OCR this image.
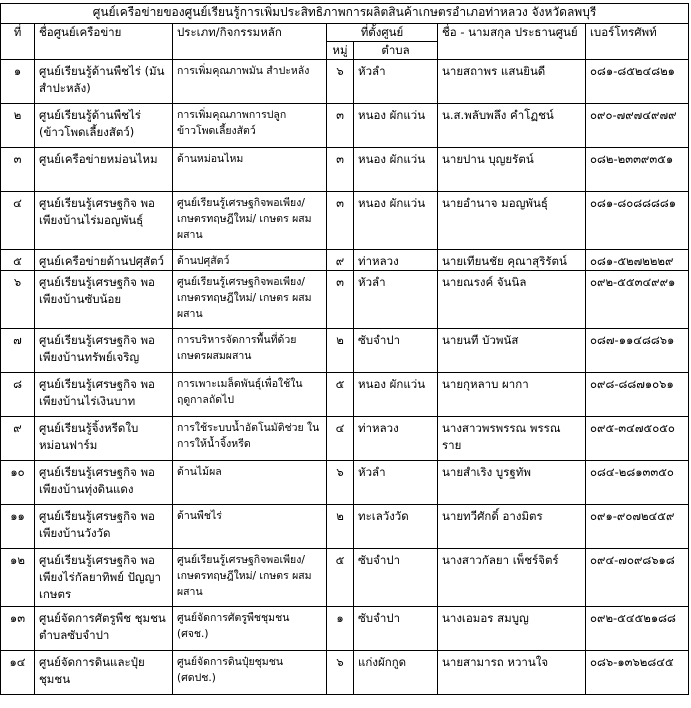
ศูนย์เครือข่ายของศูนย์เรียนรู้การเพิ่มประสิทธิภาพการผลิตสินค้าเกษตรอำเภอท่าหลวง จังหวัดลพบุรี						
ที่	ชื่อศูนย์เครือข่าย	ประเภท/กิจกรรมหลัก	ที่ตั้งศูนย์		ชื่อ - นามสกุล ประธานศูนย์	เบอร์โทรศัพท์
			หมู่	ตำบล		
๑	ศูนย์เรียนรู้ด้านพืชไร่ (มันสำปะหลัง)	การเพิ่มคุณภาพมัน สำปะหลัง	๖	หัวลำ	นายสถาพร แสนยินดี	๐๘๑-๘๕๒๔๘๒๑
๒	ศูนย์เรียนรู้ด้านพืชไร่ (ข้าวโพดเลี้ยงสัตว์)	การเพิ่มคุณภาพการปลูก ข้าวโพดเลี้ยงสัตว์	๓	หนอง ผักแว่น	น.ส.พลับพลึง คำโฏชน์	๐๙๐-๗๙๗๔๙๗๙
๓	ศูนย์เครือข่ายหม่อนไหม	ด้านหม่อนไหม	๓	หนอง ผักแว่น	นายปาน บุญยรัตน์	๐๘๒-๒๓๓๙๓๕๑
๔	ศูนย์เรียนรู้เศรษฐกิจ พอเพียงบ้านไร่มอญพันธุ์	ศูนย์เรียนรู้เศรษฐกิจพอเพียง/ เกษตรทฤษฎีใหม่/ เกษตร ผสมผสาน	๓	หนอง ผักแว่น	นายอำนาจ มอญพันธุ์	๐๘๑-๘๐๘๘๘๘๑
๕	ศูนย์เครือข่ายด้านปศุสัตว์	ด้านปศุสัตว์	๙	ท่าหลวง	นายเทียนชัย คุณาสุริรัตน์	๐๘๑-๕๒๗๒๒๒๙
๖	ศูนย์เรียนรู้เศรษฐกิจ พอเพียงบ้านซับน้อย	ศูนย์เรียนรู้เศรษฐกิจพอเพียง/ เกษตรทฤษฎีใหม่/ เกษตร ผสมผสาน	๓	หัวลำ	นายณรงค์ จันนิล	๐๙๒-๕๕๓๔๙๙๑
๗	ศูนย์เรียนรู้เศรษฐกิจ พอเพียงบ้านทรัพย์เจริญ	การบริหารจัดการพื้นที่ด้วย เกษตรผสมผสาน	๒	ซับจำปา	นายนที บัวพนัส	๐๘๗-๑๑๔๘๘๖๑
๘	ศูนย์เรียนรู้เศรษฐกิจ พอเพียงบ้านไร่เงินบาท	การเพาะเมล็ดพันธุ์เพื่อใช้ใน ฤดูกาลถัดไป	๕	หนอง ผักแว่น	นายกุหลาบ ผากา	๐๙๘-๘๘๗๑๐๖๑
๙	ศูนย์เรียนรู้จิ้งหรีดใบ หม่อนฟาร์ม	การใช้ระบบน้ำอัตโนมัติช่วย ในการให้น้ำจิ้งหรีด	๔	ท่าหลวง	นางสาวพรพรรณ พรรณ ราย	๐๙๕-๓๔๗๕๐๕๐
๑๐	ศูนย์เรียนรู้เศรษฐกิจ พอเพียงบ้านทุ่งดินแดง	ด้านไม้ผล	๖	หัวลำ	นายสำเริง บูรฐทัพ	๐๘๔-๒๘๑๓๓๕๐
๑๑	ศูนย์เรียนรู้เศรษฐกิจ พอเพียงบ้านวังวัด	ด้านพืชไร่	๒	ทะเลวังวัด	นายทวีศักดิ์ อางมิตร	๐๙๑-๙๐๗๒๔๕๙
๑๒	ศูนย์เรียนรู้เศรษฐกิจ พอเพียงไร่กัลยาทิพย์ ปัญญาเกษตร	ศูนย์เรียนรู้เศรษฐกิจพอเพียง/ เกษตรทฤษฎีใหม่/ เกษตร ผสมผสาน	๕	ซับจำปา	นางสาวกัลยา เพ็ชร์จิตร์	๐๙๔-๗๐๙๘๖๑๘
๑๓	ศูนย์จัดการศัตรูพืช ชุมชนตำบลซับจำปา	ศูนย์จัดการศัตรูพืชชุมชน (ศจช.)	๑	ซับจำปา	นางเอมอร สมบูญ	๐๙๒-๕๔๕๒๑๘๘
๑๔	ศูนย์จัดการดินและปุ๋ย ชุมชน	ศูนย์จัดการดินปุ๋ยชุมชน (ศดปช.)	๖	แก่งผักกูด	นายสามารถ หวานใจ	๐๘๖-๑๓๖๒๘๔๕
